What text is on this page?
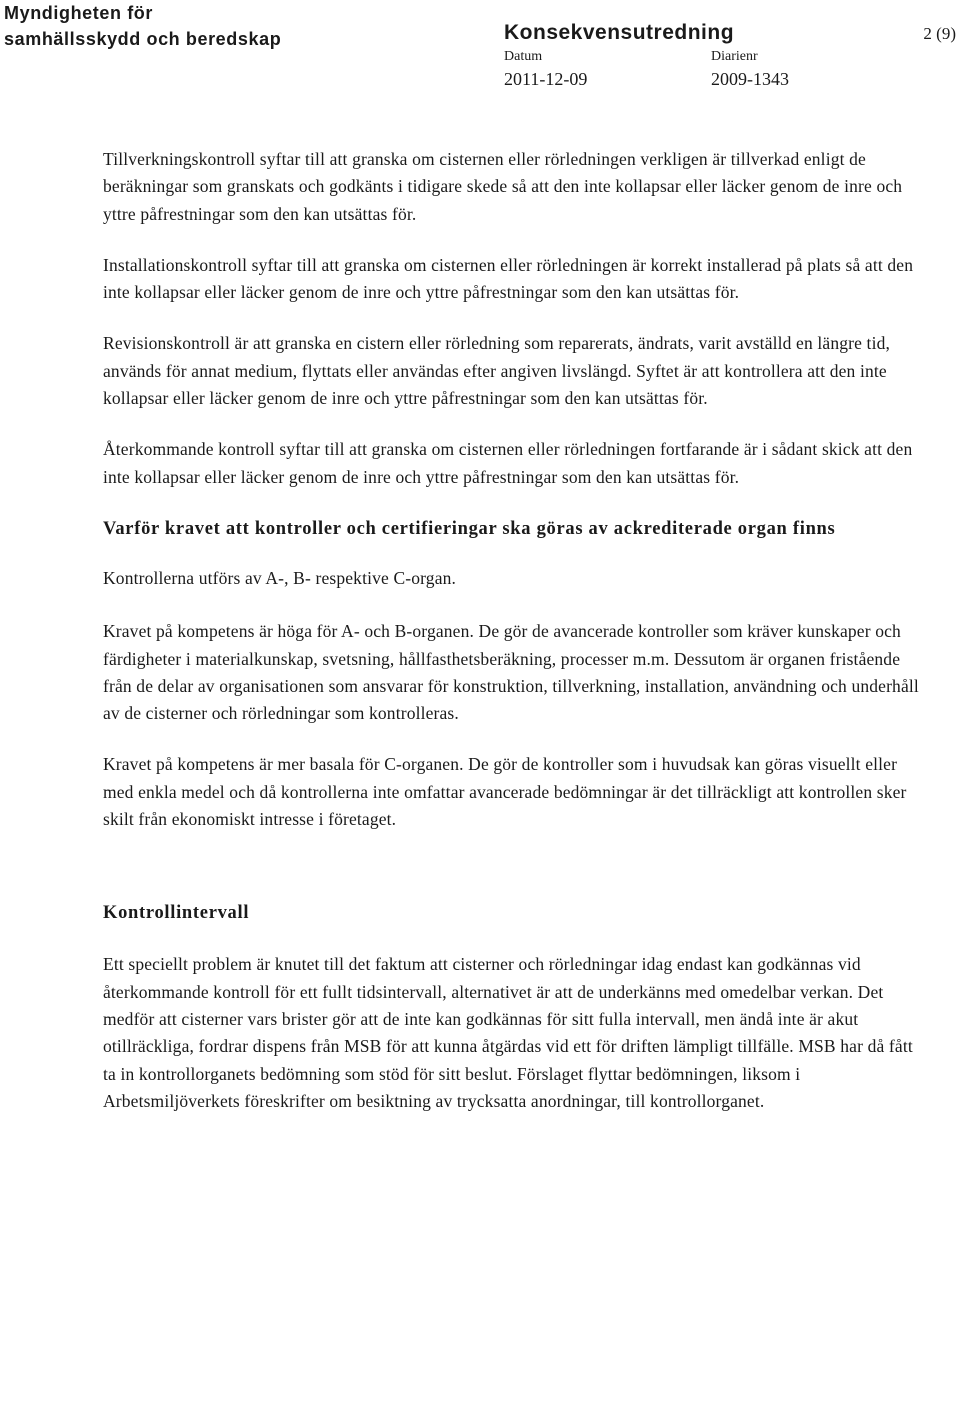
Myndigheten för
samhällsskydd och beredskap	Konsekvensutredning	2 (9)
Datum	Diarienr
2011-12-09	2009-1343

Tillverkningskontroll syftar till att granska om cisternen eller rörledningen verkligen är tillverkad enligt de beräkningar som granskats och godkänts i tidigare skede så att den inte kollapsar eller läcker genom de inre och yttre påfrestningar som den kan utsättas för.

Installationskontroll syftar till att granska om cisternen eller rörledningen är korrekt installerad på plats så att den inte kollapsar eller läcker genom de inre och yttre påfrestningar som den kan utsättas för.

Revisionskontroll är att granska en cistern eller rörledning som reparerats, ändrats, varit avställd en längre tid, används för annat medium, flyttats eller användas efter angiven livslängd. Syftet är att kontrollera att den inte kollapsar eller läcker genom de inre och yttre påfrestningar som den kan utsättas för.

Återkommande kontroll syftar till att granska om cisternen eller rörledningen fortfarande är i sådant skick att den inte kollapsar eller läcker genom de inre och yttre påfrestningar som den kan utsättas för.

Varför kravet att kontroller och certifieringar ska göras av ackrediterade organ finns

Kontrollerna utförs av A-, B- respektive C-organ.

Kravet på kompetens är höga för A- och B-organen. De gör de avancerade kontroller som kräver kunskaper och färdigheter i materialkunskap, svetsning, hållfasthetsberäkning, processer m.m. Dessutom är organen fristående från de delar av organisationen som ansvarar för konstruktion, tillverkning, installation, användning och underhåll av de cisterner och rörledningar som kontrolleras.

Kravet på kompetens är mer basala för C-organen. De gör de kontroller som i huvudsak kan göras visuellt eller med enkla medel och då kontrollerna inte omfattar avancerade bedömningar är det tillräckligt att kontrollen sker skilt från ekonomiskt intresse i företaget.

Kontrollintervall

Ett speciellt problem är knutet till det faktum att cisterner och rörledningar idag endast kan godkännas vid återkommande kontroll för ett fullt tidsintervall, alternativet är att de underkänns med omedelbar verkan. Det medför att cisterner vars brister gör att de inte kan godkännas för sitt fulla intervall, men ändå inte är akut otillräckliga, fordrar dispens från MSB för att kunna åtgärdas vid ett för driften lämpligt tillfälle. MSB har då fått ta in kontrollorganets bedömning som stöd för sitt beslut. Förslaget flyttar bedömningen, liksom i Arbetsmiljöverkets föreskrifter om besiktning av trycksatta anordningar, till kontrollorganet.
